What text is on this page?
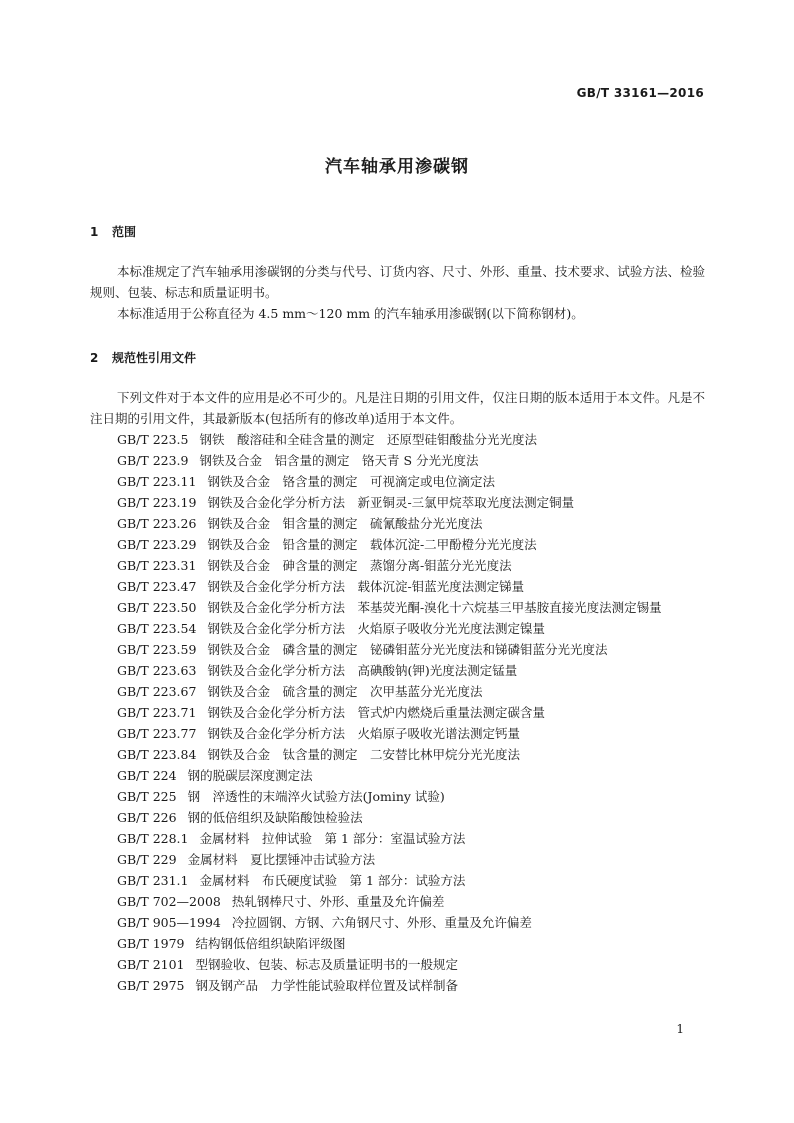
GB/T 33161—2016
汽车轴承用渗碳钢
1 范围

本标准规定了汽车轴承用渗碳钢的分类与代号、订货内容、尺寸、外形、重量、技术要求、试验方法、检验规则、包装、标志和质量证明书。

本标准适用于公称直径为 4.5 mm～120 mm 的汽车轴承用渗碳钢(以下简称钢材)。

2 规范性引用文件

下列文件对于本文件的应用是必不可少的。凡是注日期的引用文件，仅注日期的版本适用于本文件。凡是不注日期的引用文件，其最新版本(包括所有的修改单)适用于本文件。

GB/T 223.5 钢铁　酸溶硅和全硅含量的测定　还原型硅钼酸盐分光光度法
GB/T 223.9 钢铁及合金　铝含量的测定　铬天青 S 分光光度法
GB/T 223.11 钢铁及合金　铬含量的测定　可视滴定或电位滴定法
GB/T 223.19 钢铁及合金化学分析方法　新亚铜灵-三氯甲烷萃取光度法测定铜量
GB/T 223.26 钢铁及合金　钼含量的测定　硫氰酸盐分光光度法
GB/T 223.29 钢铁及合金　铅含量的测定　载体沉淀-二甲酚橙分光光度法
GB/T 223.31 钢铁及合金　砷含量的测定　蒸馏分离-钼蓝分光光度法
GB/T 223.47 钢铁及合金化学分析方法　载体沉淀-钼蓝光度法测定锑量
GB/T 223.50 钢铁及合金化学分析方法　苯基荧光酮-溴化十六烷基三甲基胺直接光度法测定锡量
GB/T 223.54 钢铁及合金化学分析方法　火焰原子吸收分光光度法测定镍量
GB/T 223.59 钢铁及合金　磷含量的测定　铋磷钼蓝分光光度法和锑磷钼蓝分光光度法
GB/T 223.63 钢铁及合金化学分析方法　高碘酸钠(钾)光度法测定锰量
GB/T 223.67 钢铁及合金　硫含量的测定　次甲基蓝分光光度法
GB/T 223.71 钢铁及合金化学分析方法　管式炉内燃烧后重量法测定碳含量
GB/T 223.77 钢铁及合金化学分析方法　火焰原子吸收光谱法测定钙量
GB/T 223.84 钢铁及合金　钛含量的测定　二安替比林甲烷分光光度法
GB/T 224 钢的脱碳层深度测定法
GB/T 225 钢　淬透性的末端淬火试验方法(Jominy 试验)
GB/T 226 钢的低倍组织及缺陷酸蚀检验法
GB/T 228.1 金属材料　拉伸试验　第 1 部分：室温试验方法
GB/T 229 金属材料　夏比摆锤冲击试验方法
GB/T 231.1 金属材料　布氏硬度试验　第 1 部分：试验方法
GB/T 702—2008 热轧钢棒尺寸、外形、重量及允许偏差
GB/T 905—1994 冷拉圆钢、方钢、六角钢尺寸、外形、重量及允许偏差
GB/T 1979 结构钢低倍组织缺陷评级图
GB/T 2101 型钢验收、包装、标志及质量证明书的一般规定
GB/T 2975 钢及钢产品　力学性能试验取样位置及试样制备
1
